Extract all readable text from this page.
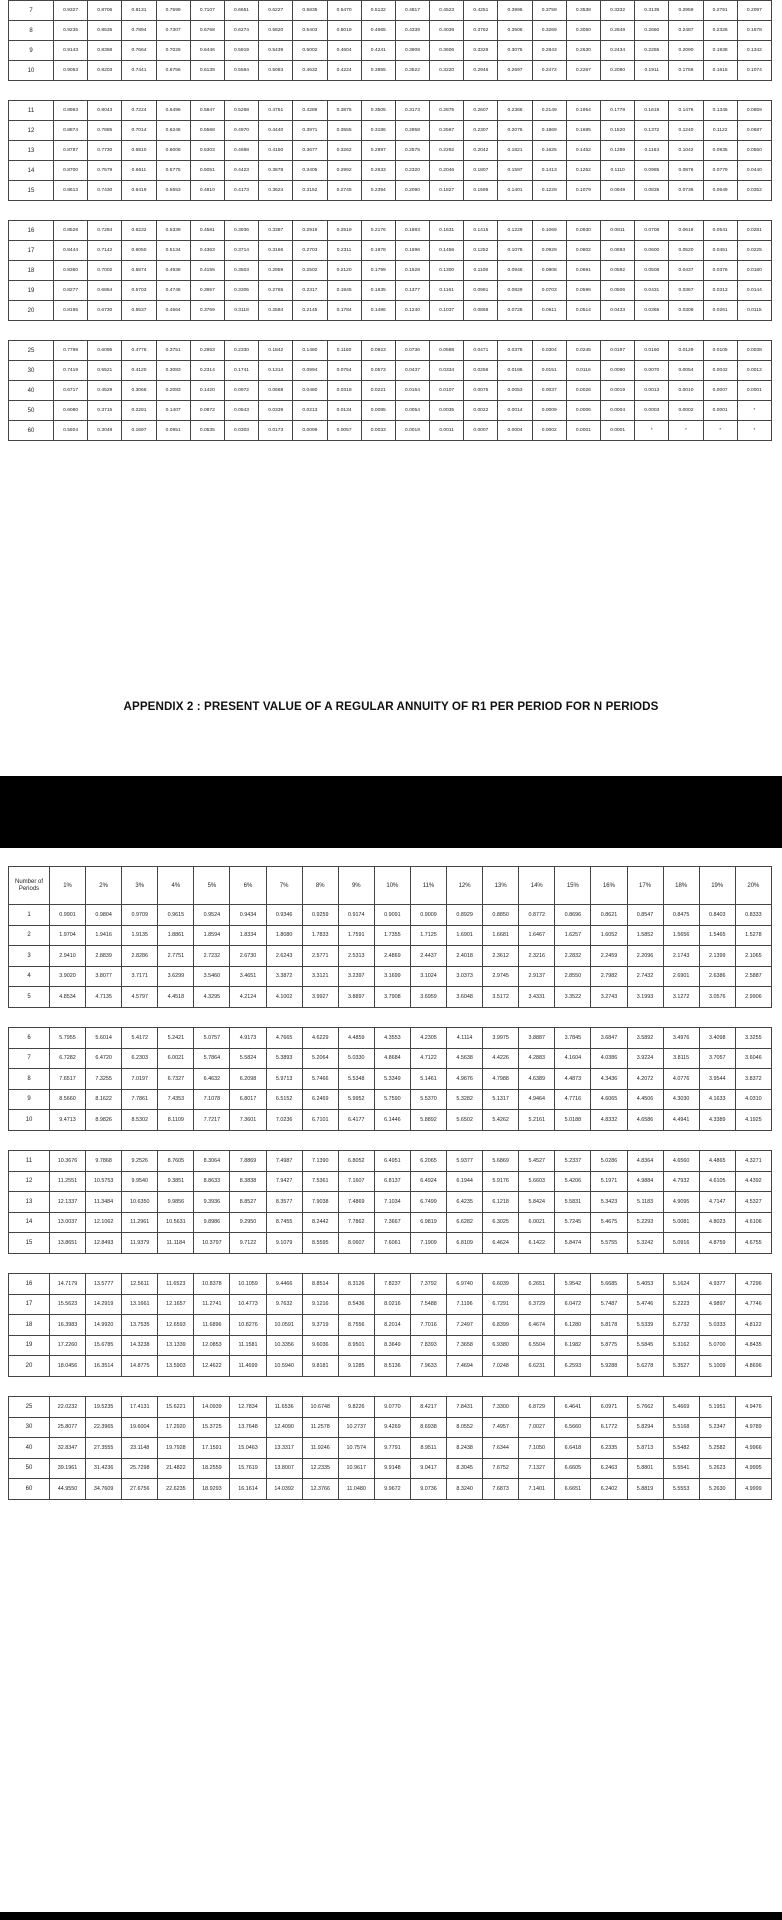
7	0.9327	0.8706	0.8131	0.7599	0.7107	0.6651	0.6227	0.5835	0.5470	0.5132	0.4817	0.4523	0.4251	0.3996	0.3759	0.3538	0.3332	0.3139	0.2959	0.2791	0.2097
8	0.9235	0.8535	0.7894	0.7307	0.6768	0.6274	0.5820	0.5403	0.5019	0.4665	0.4339	0.4039	0.3762	0.3506	0.3269	0.3050	0.2848	0.2660	0.2487	0.2326	0.1678
9	0.9143	0.8368	0.7664	0.7026	0.6446	0.5919	0.5439	0.5002	0.4604	0.4241	0.3909	0.3606	0.3329	0.3075	0.2843	0.2630	0.2434	0.2255	0.2090	0.1938	0.1342
10	0.9053	0.8203	0.7441	0.6756	0.6139	0.5584	0.5083	0.4632	0.4224	0.3855	0.3522	0.3220	0.2946	0.2697	0.2472	0.2267	0.2080	0.1911	0.1756	0.1615	0.1074

11	0.8963	0.8043	0.7224	0.6496	0.5847	0.5268	0.4751	0.4289	0.3875	0.3505	0.3173	0.2875	0.2607	0.2366	0.2149	0.1954	0.1778	0.1619	0.1476	0.1346	0.0859
12	0.8874	0.7885	0.7014	0.6246	0.5568	0.4970	0.4440	0.3971	0.3555	0.3186	0.2858	0.2567	0.2307	0.2076	0.1869	0.1685	0.1520	0.1372	0.1240	0.1122	0.0687
13	0.8787	0.7730	0.6810	0.6006	0.5303	0.4688	0.4150	0.3677	0.3262	0.2897	0.2575	0.2292	0.2042	0.1821	0.1625	0.1452	0.1299	0.1163	0.1042	0.0935	0.0550
14	0.8700	0.7579	0.6611	0.5775	0.5051	0.4423	0.3878	0.3405	0.2992	0.2633	0.2320	0.2046	0.1807	0.1597	0.1413	0.1252	0.1110	0.0985	0.0876	0.0779	0.0440
15	0.8613	0.7430	0.6419	0.5553	0.4810	0.4173	0.3624	0.3152	0.2745	0.2394	0.2090	0.1827	0.1599	0.1401	0.1229	0.1079	0.0949	0.0835	0.0736	0.0649	0.0352

16	0.8528	0.7284	0.6232	0.5339	0.4581	0.3936	0.3387	0.2919	0.2519	0.2176	0.1883	0.1631	0.1415	0.1229	0.1069	0.0930	0.0811	0.0708	0.0618	0.0541	0.0281
17	0.8444	0.7142	0.6050	0.5134	0.4363	0.3714	0.3166	0.2703	0.2311	0.1978	0.1696	0.1456	0.1252	0.1078	0.0929	0.0802	0.0693	0.0600	0.0520	0.0451	0.0225
18	0.8360	0.7002	0.5874	0.4936	0.4155	0.3503	0.2959	0.2502	0.2120	0.1799	0.1528	0.1300	0.1108	0.0946	0.0808	0.0691	0.0592	0.0508	0.0437	0.0376	0.0180
19	0.8277	0.6864	0.5703	0.4746	0.3957	0.3305	0.2765	0.2317	0.1945	0.1635	0.1377	0.1161	0.0981	0.0829	0.0703	0.0596	0.0506	0.0431	0.0367	0.0313	0.0144
20	0.8195	0.6730	0.5537	0.4564	0.3769	0.3118	0.2584	0.2145	0.1784	0.1486	0.1240	0.1037	0.0868	0.0728	0.0611	0.0514	0.0433	0.0365	0.0308	0.0261	0.0115

25	0.7798	0.6095	0.4776	0.3751	0.2953	0.2330	0.1842	0.1460	0.1160	0.0923	0.0736	0.0588	0.0471	0.0378	0.0304	0.0245	0.0197	0.0160	0.0129	0.0105	0.0038
30	0.7419	0.5521	0.4120	0.3083	0.2314	0.1741	0.1314	0.0994	0.0754	0.0573	0.0437	0.0334	0.0256	0.0196	0.0151	0.0116	0.0090	0.0070	0.0054	0.0042	0.0012
40	0.6717	0.4529	0.3066	0.2083	0.1420	0.0972	0.0668	0.0460	0.0318	0.0221	0.0154	0.0107	0.0075	0.0053	0.0037	0.0026	0.0019	0.0013	0.0010	0.0007	0.0001
50	0.6080	0.3715	0.2281	0.1407	0.0872	0.0543	0.0339	0.0213	0.0134	0.0085	0.0054	0.0035	0.0022	0.0014	0.0009	0.0006	0.0004	0.0003	0.0002	0.0001	*
60	0.5504	0.3048	0.1697	0.0951	0.0535	0.0303	0.0173	0.0099	0.0057	0.0033	0.0019	0.0011	0.0007	0.0004	0.0002	0.0001	0.0001	*	*	*	*
APPENDIX 2 : PRESENT VALUE OF A REGULAR ANNUITY OF R1 PER PERIOD FOR N PERIODS
Number of Periods	1%	2%	3%	4%	5%	6%	7%	8%	9%	10%	11%	12%	13%	14%	15%	16%	17%	18%	19%	20%
1	0.9901	0.9804	0.9709	0.9615	0.9524	0.9434	0.9346	0.9259	0.9174	0.9091	0.9009	0.8929	0.8850	0.8772	0.8696	0.8621	0.8547	0.8475	0.8403	0.8333
2	1.9704	1.9416	1.9135	1.8861	1.8594	1.8334	1.8080	1.7833	1.7591	1.7355	1.7125	1.6901	1.6681	1.6467	1.6257	1.6052	1.5852	1.5656	1.5465	1.5278
3	2.9410	2.8839	2.8286	2.7751	2.7232	2.6730	2.6243	2.5771	2.5313	2.4869	2.4437	2.4018	2.3612	2.3216	2.2832	2.2459	2.2096	2.1743	2.1399	2.1065
4	3.9020	3.8077	3.7171	3.6299	3.5460	3.4651	3.3872	3.3121	3.2397	3.1699	3.1024	3.0373	2.9745	2.9137	2.8550	2.7982	2.7432	2.6901	2.6386	2.5887
5	4.8534	4.7135	4.5797	4.4518	4.3295	4.2124	4.1002	3.9927	3.8897	3.7908	3.6959	3.6048	3.5172	3.4331	3.3522	3.2743	3.1993	3.1272	3.0576	2.9906

6	5.7955	5.6014	5.4172	5.2421	5.0757	4.9173	4.7665	4.6229	4.4859	4.3553	4.2305	4.1114	3.9975	3.8887	3.7845	3.6847	3.5892	3.4976	3.4098	3.3255
7	6.7282	6.4720	6.2303	6.0021	5.7864	5.5824	5.3893	5.2064	5.0330	4.8684	4.7122	4.5638	4.4226	4.2883	4.1604	4.0386	3.9224	3.8115	3.7057	3.6046
8	7.6517	7.3255	7.0197	6.7327	6.4632	6.2098	5.9713	5.7466	5.5348	5.3349	5.1461	4.9676	4.7988	4.6389	4.4873	4.3436	4.2072	4.0776	3.9544	3.8372
9	8.5660	8.1622	7.7861	7.4353	7.1078	6.8017	6.5152	6.2469	5.9952	5.7590	5.5370	5.3282	5.1317	4.9464	4.7716	4.6065	4.4506	4.3030	4.1633	4.0310
10	9.4713	8.9826	8.5302	8.1109	7.7217	7.3601	7.0236	6.7101	6.4177	6.1446	5.8892	5.6502	5.4262	5.2161	5.0188	4.8332	4.6586	4.4941	4.3389	4.1925

11	10.3676	9.7868	9.2526	8.7605	8.3064	7.8869	7.4987	7.1390	6.8052	6.4951	6.2065	5.9377	5.6869	5.4527	5.2337	5.0286	4.8364	4.6560	4.4865	4.3271
12	11.2551	10.5753	9.9540	9.3851	8.8633	8.3838	7.9427	7.5361	7.1607	6.8137	6.4924	6.1944	5.9176	5.6603	5.4206	5.1971	4.9884	4.7932	4.6105	4.4392
13	12.1337	11.3484	10.6350	9.9856	9.3936	8.8527	8.3577	7.9038	7.4869	7.1034	6.7499	6.4235	6.1218	5.8424	5.5831	5.3423	5.1183	4.9095	4.7147	4.5327
14	13.0037	12.1062	11.2961	10.5631	9.8986	9.2950	8.7455	8.2442	7.7862	7.3667	6.9819	6.6282	6.3025	6.0021	5.7245	5.4675	5.2293	5.0081	4.8023	4.6106
15	13.8651	12.8493	11.9379	11.1184	10.3797	9.7122	9.1079	8.5595	8.0607	7.6061	7.1909	6.8109	6.4624	6.1422	5.8474	5.5755	5.3242	5.0916	4.8759	4.6755

16	14.7179	13.5777	12.5611	11.6523	10.8378	10.1059	9.4466	8.8514	8.3126	7.8237	7.3792	6.9740	6.6039	6.2651	5.9542	5.6685	5.4053	5.1624	4.9377	4.7296
17	15.5623	14.2919	13.1661	12.1657	11.2741	10.4773	9.7632	9.1216	8.5436	8.0216	7.5488	7.1196	6.7291	6.3729	6.0472	5.7487	5.4746	5.2223	4.9897	4.7746
18	16.3983	14.9920	13.7535	12.6593	11.6896	10.8276	10.0591	9.3719	8.7556	8.2014	7.7016	7.2497	6.8399	6.4674	6.1280	5.8178	5.5339	5.2732	5.0333	4.8122
19	17.2260	15.6785	14.3238	13.1339	12.0853	11.1581	10.3356	9.6036	8.9501	8.3649	7.8393	7.3658	6.9380	6.5504	6.1982	5.8775	5.5845	5.3162	5.0700	4.8435
20	18.0456	16.3514	14.8775	13.5903	12.4622	11.4699	10.5940	9.8181	9.1285	8.5136	7.9633	7.4694	7.0248	6.6231	6.2593	5.9288	5.6278	5.3527	5.1009	4.8696

25	22.0232	19.5235	17.4131	15.6221	14.0939	12.7834	11.6536	10.6748	9.8226	9.0770	8.4217	7.8431	7.3300	6.8729	6.4641	6.0971	5.7662	5.4669	5.1951	4.9476
30	25.8077	22.3965	19.6004	17.2920	15.3725	13.7648	12.4090	11.2578	10.2737	9.4269	8.6938	8.0552	7.4957	7.0027	6.5660	6.1772	5.8294	5.5168	5.2347	4.9789
40	32.8347	27.3555	23.1148	19.7928	17.1591	15.0463	13.3317	11.9246	10.7574	9.7791	8.9511	8.2438	7.6344	7.1050	6.6418	6.2335	5.8713	5.5482	5.2582	4.9966
50	39.1961	31.4236	25.7298	21.4822	18.2559	15.7619	13.8007	12.2335	10.9617	9.9148	9.0417	8.3045	7.6752	7.1327	6.6605	6.2463	5.8801	5.5541	5.2623	4.9995
60	44.9550	34.7609	27.6756	22.6235	18.9293	16.1614	14.0392	12.3766	11.0480	9.9672	9.0736	8.3240	7.6873	7.1401	6.6651	6.2402	5.8819	5.5553	5.2630	4.9999
